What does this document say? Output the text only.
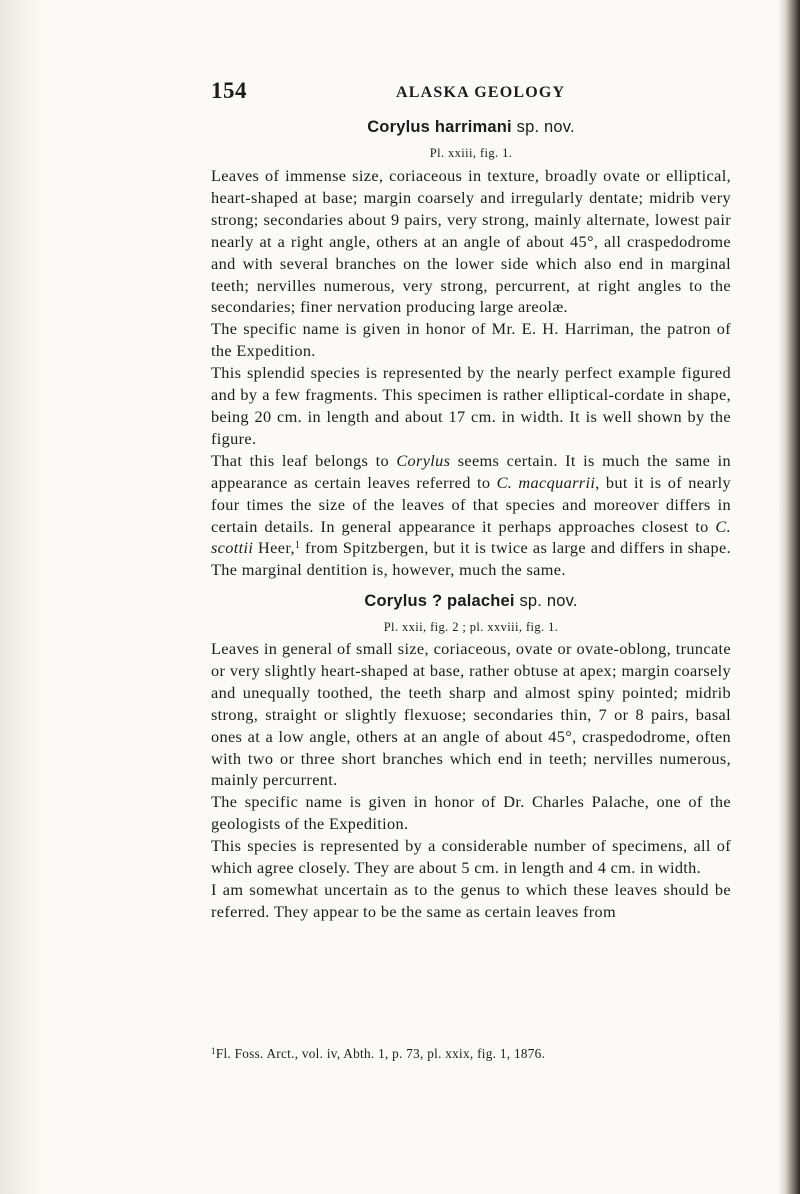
154	ALASKA GEOLOGY

Corylus harrimani sp. nov.

Pl. xxiii, fig. 1.

Leaves of immense size, coriaceous in texture, broadly ovate or elliptical, heart-shaped at base; margin coarsely and irregularly dentate; midrib very strong; secondaries about 9 pairs, very strong, mainly alternate, lowest pair nearly at a right angle, others at an angle of about 45°, all craspedodrome and with several branches on the lower side which also end in marginal teeth; nervilles numerous, very strong, percurrent, at right angles to the secondaries; finer nervation producing large areolæ.

The specific name is given in honor of Mr. E. H. Harriman, the patron of the Expedition.

This splendid species is represented by the nearly perfect example figured and by a few fragments. This specimen is rather elliptical-cordate in shape, being 20 cm. in length and about 17 cm. in width. It is well shown by the figure.

That this leaf belongs to Corylus seems certain. It is much the same in appearance as certain leaves referred to C. macquarrii, but it is of nearly four times the size of the leaves of that species and moreover differs in certain details. In general appearance it perhaps approaches closest to C. scottii Heer,$^1$ from Spitzbergen, but it is twice as large and differs in shape. The marginal dentition is, however, much the same.

Corylus ? palachei sp. nov.

Pl. xxii, fig. 2 ; pl. xxviii, fig. 1.

Leaves in general of small size, coriaceous, ovate or ovate-oblong, truncate or very slightly heart-shaped at base, rather obtuse at apex; margin coarsely and unequally toothed, the teeth sharp and almost spiny pointed; midrib strong, straight or slightly flexuose; secondaries thin, 7 or 8 pairs, basal ones at a low angle, others at an angle of about 45°, craspedodrome, often with two or three short branches which end in teeth; nervilles numerous, mainly percurrent.

The specific name is given in honor of Dr. Charles Palache, one of the geologists of the Expedition.

This species is represented by a considerable number of specimens, all of which agree closely. They are about 5 cm. in length and 4 cm. in width.

I am somewhat uncertain as to the genus to which these leaves should be referred. They appear to be the same as certain leaves from

$^1$Fl. Foss. Arct., vol. iv, Abth. 1, p. 73, pl. xxix, fig. 1, 1876.
